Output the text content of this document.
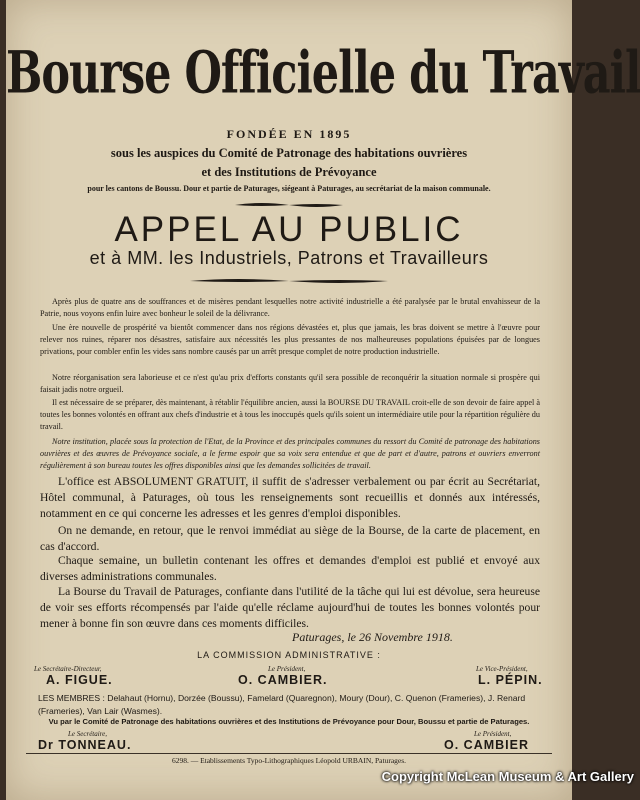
Bourse Officielle du Travail
FONDÉE EN 1895
sous les auspices du Comité de Patronage des habitations ouvrières
et des Institutions de Prévoyance
pour les cantons de Boussu. Dour et partie de Paturages, siégeant à Paturages, au secrétariat de la maison communale.
APPEL AU PUBLIC
et à MM. les Industriels, Patrons et Travailleurs
Après plus de quatre ans de souffrances et de misères pendant lesquelles notre activité industrielle a été paralysée par le brutal envahisseur de la Patrie, nous voyons enfin luire avec bonheur le soleil de la délivrance.
Une ère nouvelle de prospérité va bientôt commencer dans nos régions dévastées et, plus que jamais, les bras doivent se mettre à l'œuvre pour relever nos ruines, réparer nos désastres, satisfaire aux nécessités les plus pressantes de nos malheureuses populations épuisées par de longues privations, pour combler enfin les vides sans nombre causés par un arrêt presque complet de notre production industrielle.
Notre réorganisation sera laborieuse et ce n'est qu'au prix d'efforts constants qu'il sera possible de reconquérir la situation normale si prospère qui faisait jadis notre orgueil.
Il est nécessaire de se préparer, dès maintenant, à rétablir l'équilibre ancien, aussi la BOURSE DU TRAVAIL croit-elle de son devoir de faire appel à toutes les bonnes volontés en offrant aux chefs d'industrie et à tous les inoccupés quels qu'ils soient un intermédiaire utile pour la répartition régulière du travail.
Notre institution, placée sous la protection de l'Etat, de la Province et des principales communes du ressort du Comité de patronage des habitations ouvrières et des œuvres de Prévoyance sociale, a le ferme espoir que sa voix sera entendue et que de part et d'autre, patrons et ouvriers enverront régulièrement à son bureau toutes les offres disponibles ainsi que les demandes sollicitées de travail.
L'office est ABSOLUMENT GRATUIT, il suffit de s'adresser verbalement ou par écrit au Secrétariat, Hôtel communal, à Paturages, où tous les renseignements sont recueillis et donnés aux intéressés, notamment en ce qui concerne les adresses et les genres d'emploi disponibles.
On ne demande, en retour, que le renvoi immédiat au siège de la Bourse, de la carte de placement, en cas d'accord.
Chaque semaine, un bulletin contenant les offres et demandes d'emploi est publié et envoyé aux diverses administrations communales.
La Bourse du Travail de Paturages, confiante dans l'utilité de la tâche qui lui est dévolue, sera heureuse de voir ses efforts récompensés par l'aide qu'elle réclame aujourd'hui de toutes les bonnes volontés pour mener à bonne fin son œuvre dans ces moments difficiles.
Paturages, le 26 Novembre 1918.
LA COMMISSION ADMINISTRATIVE :
Le Secrétaire-Directeur,
A. FIGUE.
Le Président,
O. CAMBIER.
Le Vice-Président,
L. PÉPIN.
LES MEMBRES : Delahaut (Hornu), Dorzée (Boussu), Famelard (Quaregnon), Moury (Dour), C. Quenon (Frameries), J. Renard (Frameries), Van Lair (Wasmes).
Vu par le Comité de Patronage des habitations ouvrières et des Institutions de Prévoyance pour Dour, Boussu et partie de Paturages.
Le Secrétaire,
Dr TONNEAU.
Le Président,
O. CAMBIER
6298. — Etablissements Typo-Lithographiques Léopold URBAIN, Paturages.
Copyright McLean Museum & Art Gallery
